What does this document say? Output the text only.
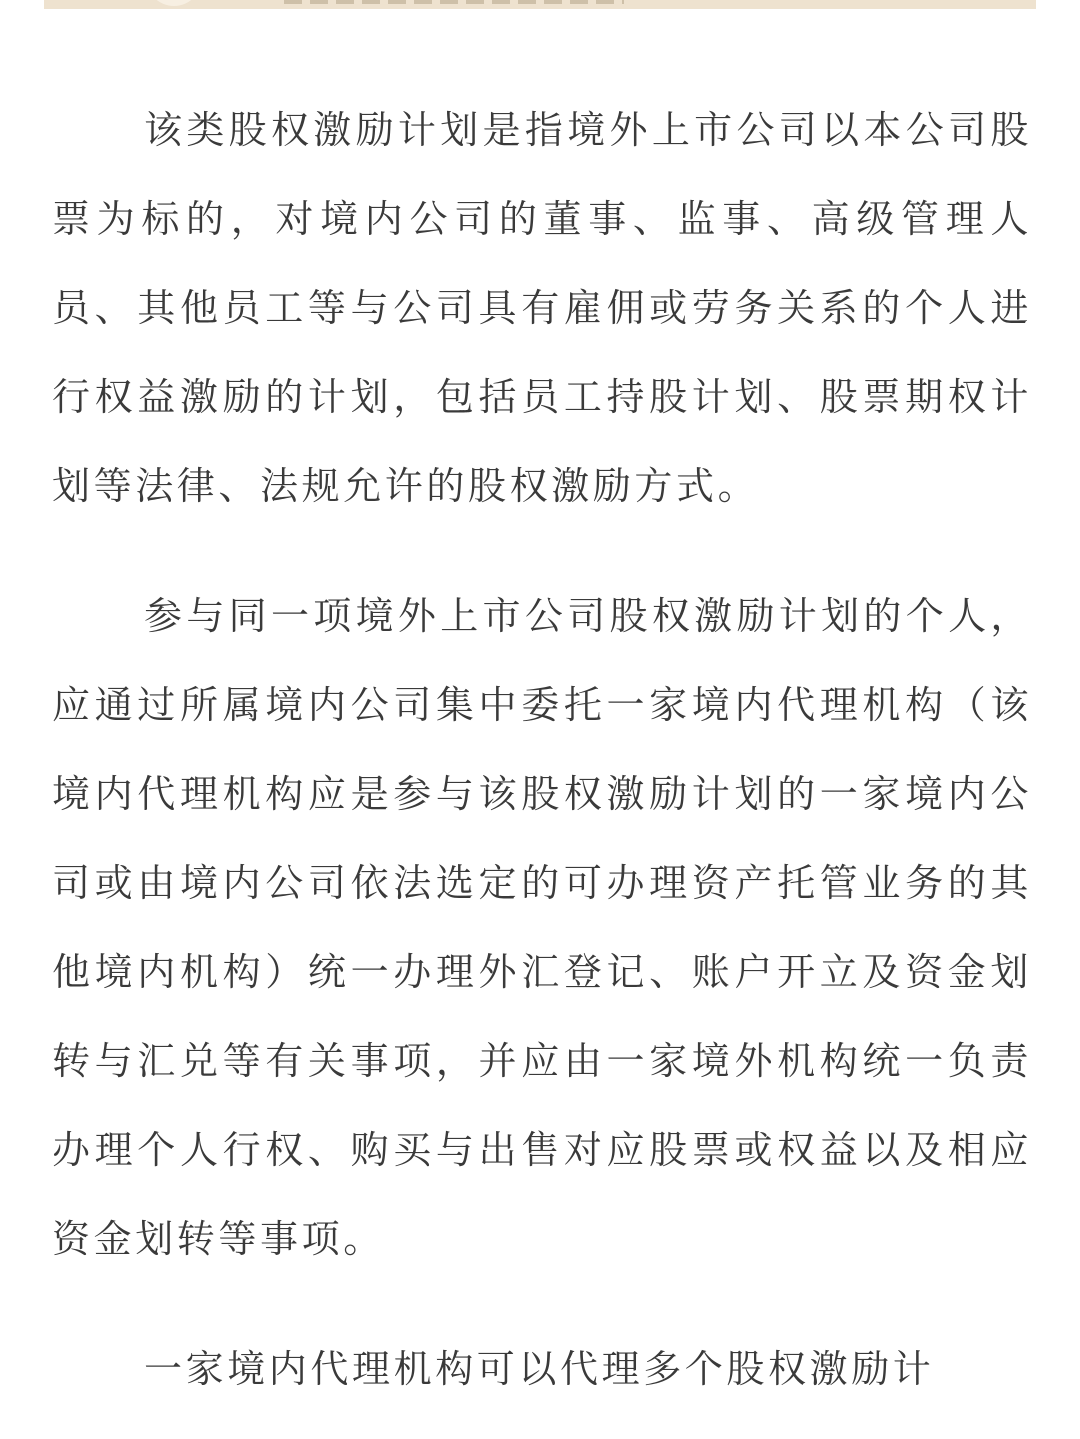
该类股权激励计划是指境外上市公司以本公司股票为标的，对境内公司的董事、监事、高级管理人员、其他员工等与公司具有雇佣或劳务关系的个人进行权益激励的计划，包括员工持股计划、股票期权计划等法律、法规允许的股权激励方式。

参与同一项境外上市公司股权激励计划的个人，应通过所属境内公司集中委托一家境内代理机构（该境内代理机构应是参与该股权激励计划的一家境内公司或由境内公司依法选定的可办理资产托管业务的其他境内机构）统一办理外汇登记、账户开立及资金划转与汇兑等有关事项，并应由一家境外机构统一负责办理个人行权、购买与出售对应股票或权益以及相应资金划转等事项。

一家境内代理机构可以代理多个股权激励计
